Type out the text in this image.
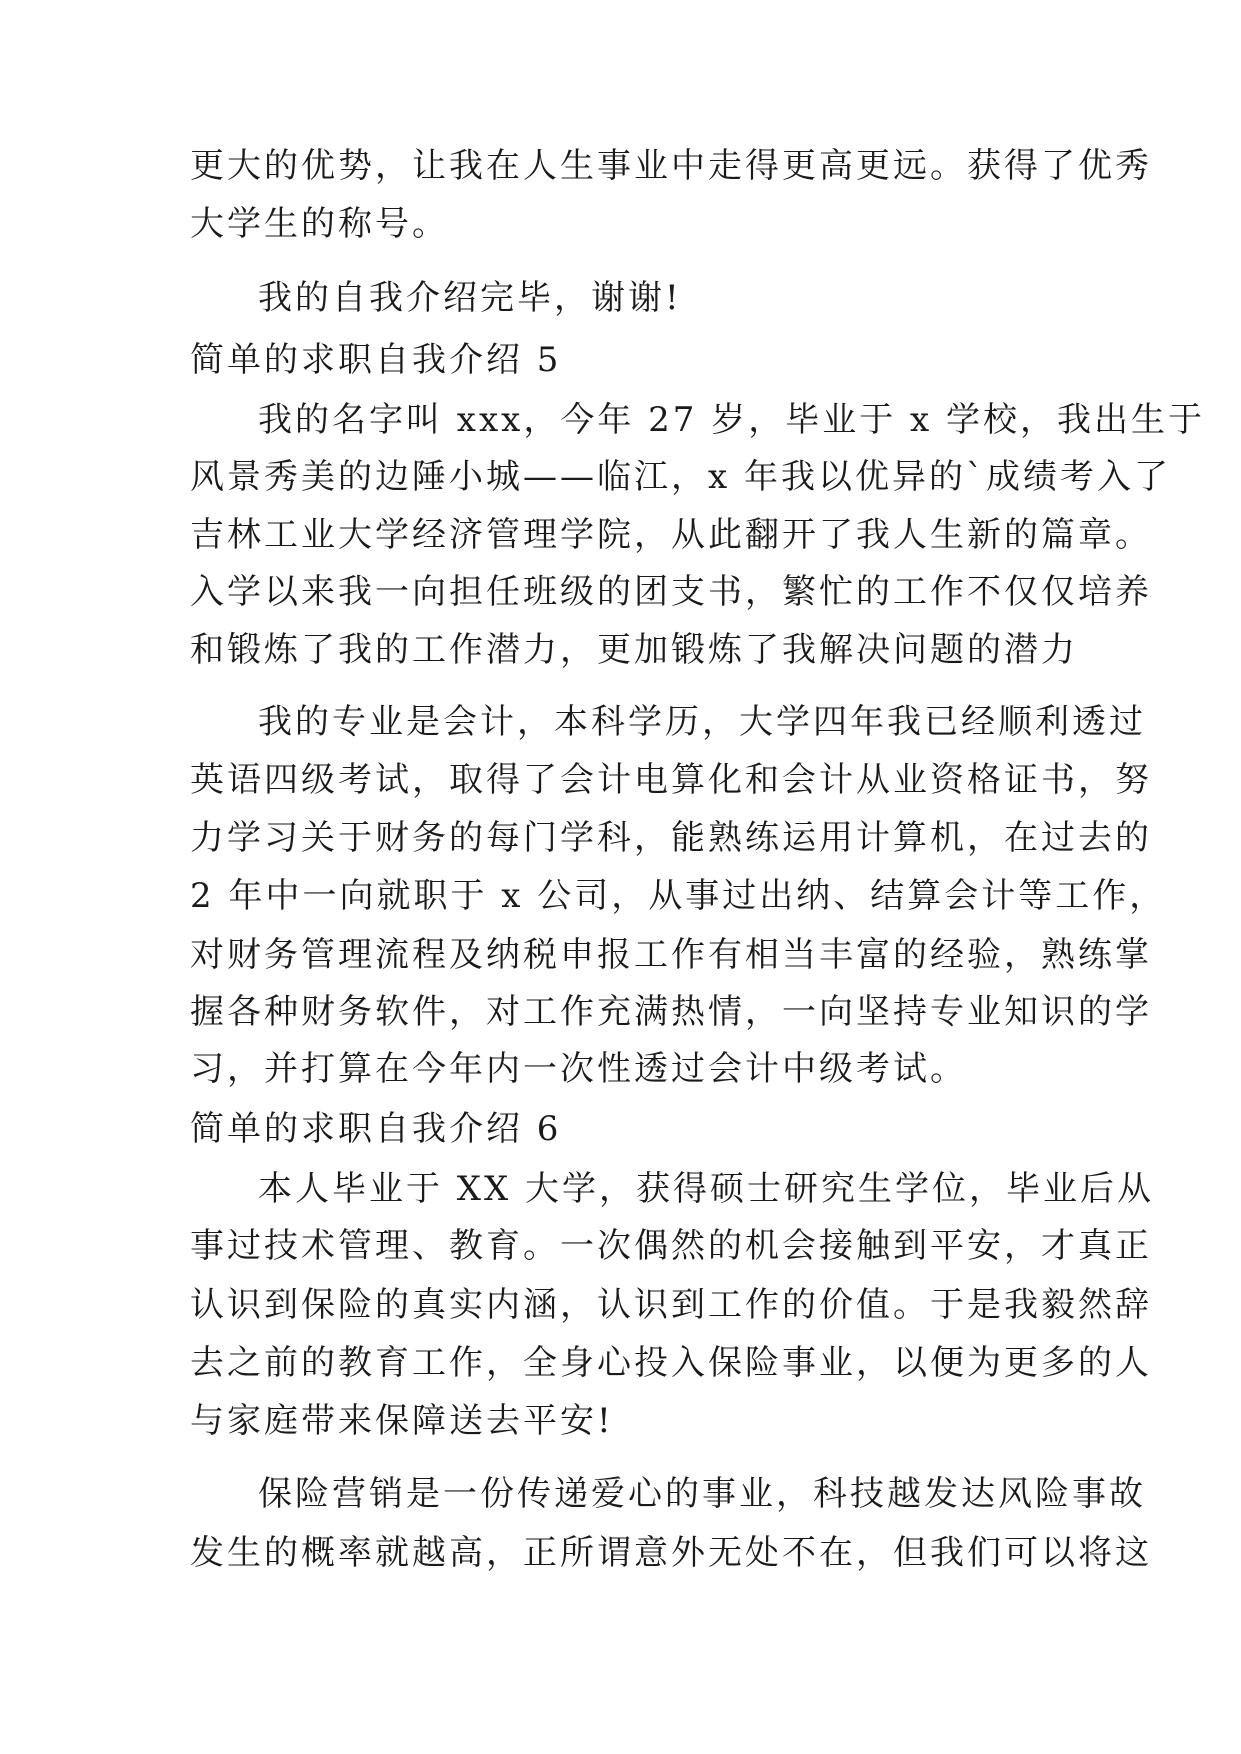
更大的优势，让我在人生事业中走得更高更远。获得了优秀
大学生的称号。
我的自我介绍完毕，谢谢!
简单的求职自我介绍 5
我的名字叫 xxx，今年 27 岁，毕业于 x 学校，我出生于
风景秀美的边陲小城——临江，x 年我以优异的`成绩考入了
吉林工业大学经济管理学院，从此翻开了我人生新的篇章。
入学以来我一向担任班级的团支书，繁忙的工作不仅仅培养
和锻炼了我的工作潜力，更加锻炼了我解决问题的潜力
我的专业是会计，本科学历，大学四年我已经顺利透过
英语四级考试，取得了会计电算化和会计从业资格证书，努
力学习关于财务的每门学科，能熟练运用计算机，在过去的
2 年中一向就职于 x 公司，从事过出纳、结算会计等工作，
对财务管理流程及纳税申报工作有相当丰富的经验，熟练掌
握各种财务软件，对工作充满热情，一向坚持专业知识的学
习，并打算在今年内一次性透过会计中级考试。
简单的求职自我介绍 6
本人毕业于 XX 大学，获得硕士研究生学位，毕业后从
事过技术管理、教育。一次偶然的机会接触到平安，才真正
认识到保险的真实内涵，认识到工作的价值。于是我毅然辞
去之前的教育工作，全身心投入保险事业，以便为更多的人
与家庭带来保障送去平安!
保险营销是一份传递爱心的事业，科技越发达风险事故
发生的概率就越高，正所谓意外无处不在，但我们可以将这
